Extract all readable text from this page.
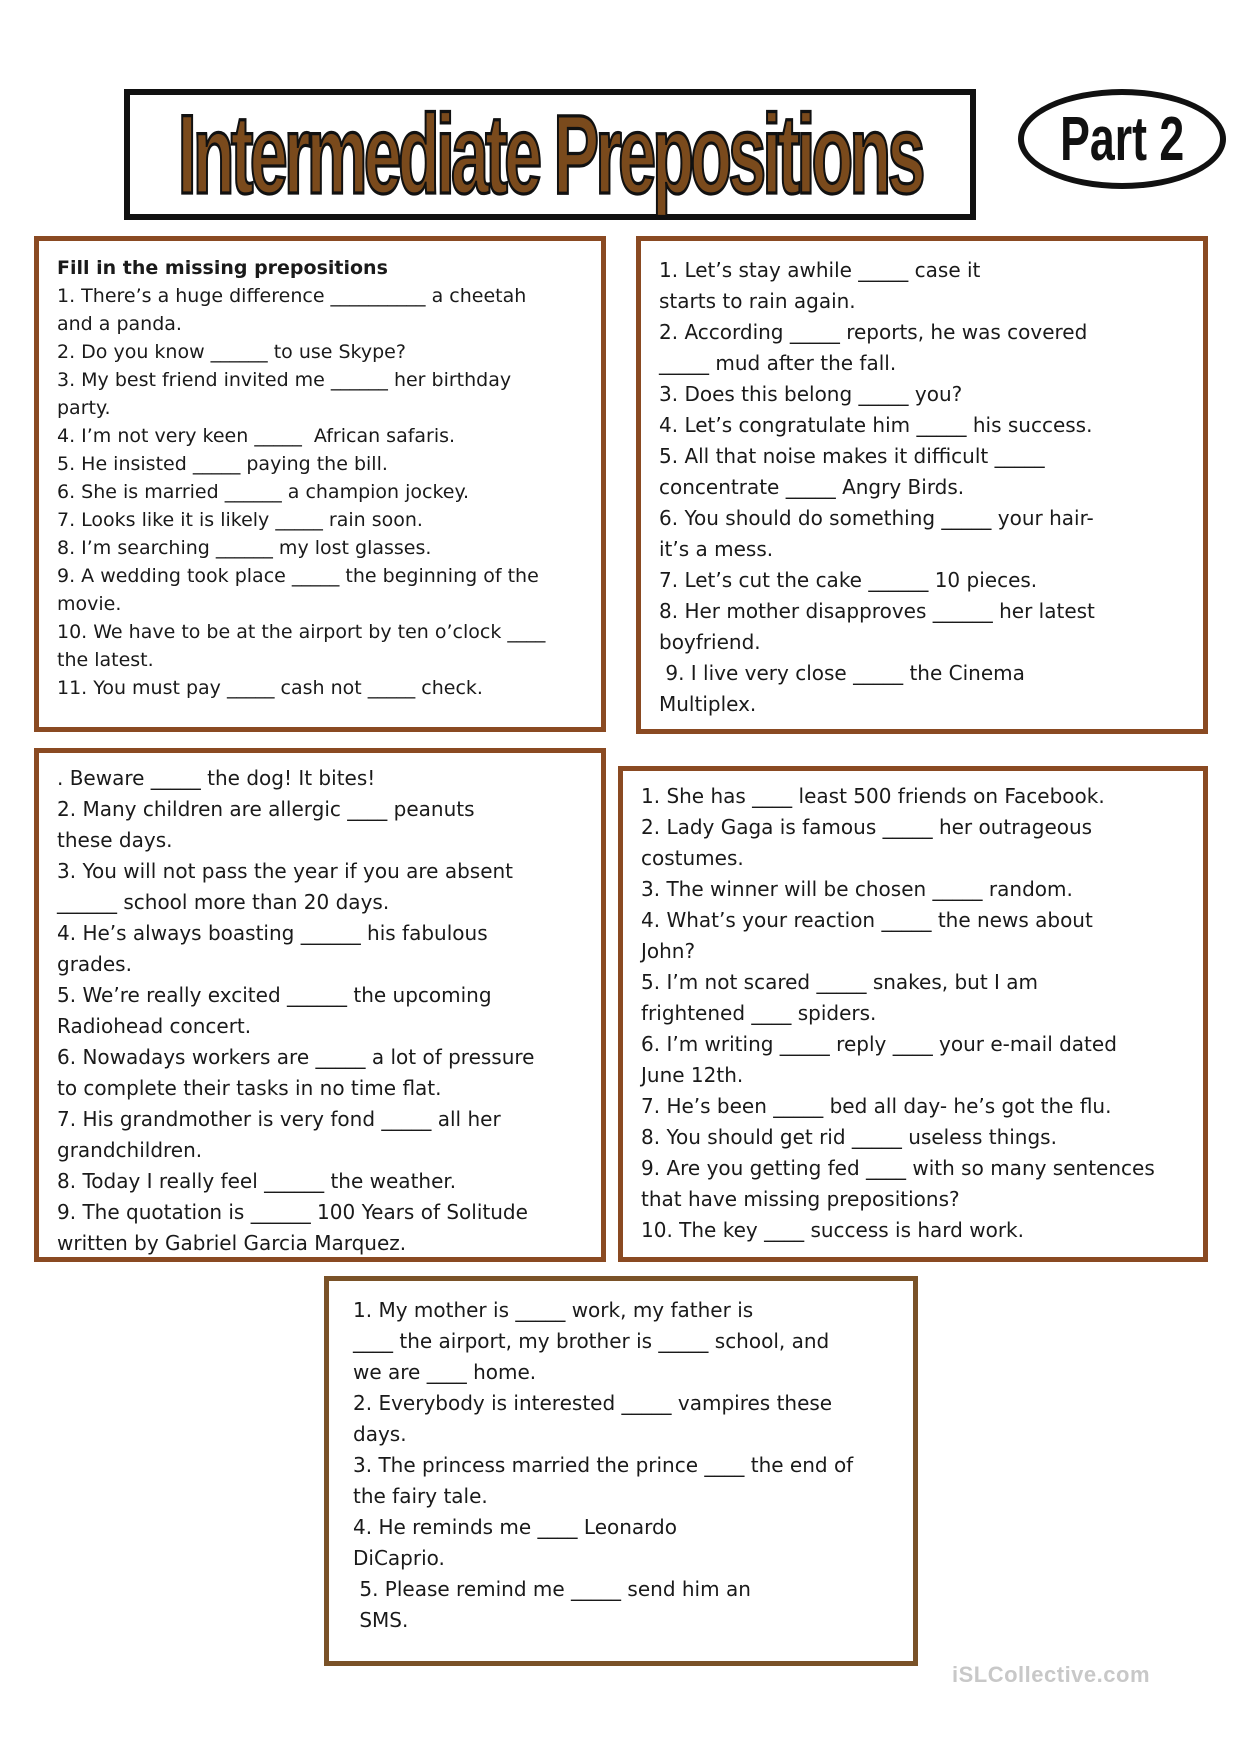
Intermediate Prepositions Part 2

Fill in the missing prepositions

1. There’s a huge difference __________ a cheetah

and a panda.

2. Do you know ______ to use Skype?

3. My best friend invited me ______ her birthday

party.

4. I’m not very keen _____  African safaris.

5. He insisted _____ paying the bill.

6. She is married ______ a champion jockey.

7. Looks like it is likely _____ rain soon.

8. I’m searching ______ my lost glasses.

9. A wedding took place _____ the beginning of the

movie.

10. We have to be at the airport by ten o’clock ____

the latest.

11. You must pay _____ cash not _____ check.

1. Let’s stay awhile _____ case it

starts to rain again.

2. According _____ reports, he was covered

_____ mud after the fall.

3. Does this belong _____ you?

4. Let’s congratulate him _____ his success.

5. All that noise makes it difficult _____

concentrate _____ Angry Birds.

6. You should do something _____ your hair-

it’s a mess.

7. Let’s cut the cake ______ 10 pieces.

8. Her mother disapproves ______ her latest

boyfriend.

9. I live very close _____ the Cinema

Multiplex.

. Beware _____ the dog! It bites!

2. Many children are allergic ____ peanuts

these days.

3. You will not pass the year if you are absent

______ school more than 20 days.

4. He’s always boasting ______ his fabulous

grades.

5. We’re really excited ______ the upcoming

Radiohead concert.

6. Nowadays workers are _____ a lot of pressure

to complete their tasks in no time flat.

7. His grandmother is very fond _____ all her

grandchildren.

8. Today I really feel ______ the weather.

9. The quotation is ______ 100 Years of Solitude

written by Gabriel Garcia Marquez.

1. She has ____ least 500 friends on Facebook.

2. Lady Gaga is famous _____ her outrageous

costumes.

3. The winner will be chosen _____ random.

4. What’s your reaction _____ the news about

John?

5. I’m not scared _____ snakes, but I am

frightened ____ spiders.

6. I’m writing _____ reply ____ your e-mail dated

June 12th.

7. He’s been _____ bed all day- he’s got the flu.

8. You should get rid _____ useless things.

9. Are you getting fed ____ with so many sentences

that have missing prepositions?

10. The key ____ success is hard work.

1. My mother is _____ work, my father is

____ the airport, my brother is _____ school, and

we are ____ home.

2. Everybody is interested _____ vampires these

days.

3. The princess married the prince ____ the end of

the fairy tale.

4. He reminds me ____ Leonardo

DiCaprio.

5. Please remind me _____ send him an

SMS.

iSLCollective.com
